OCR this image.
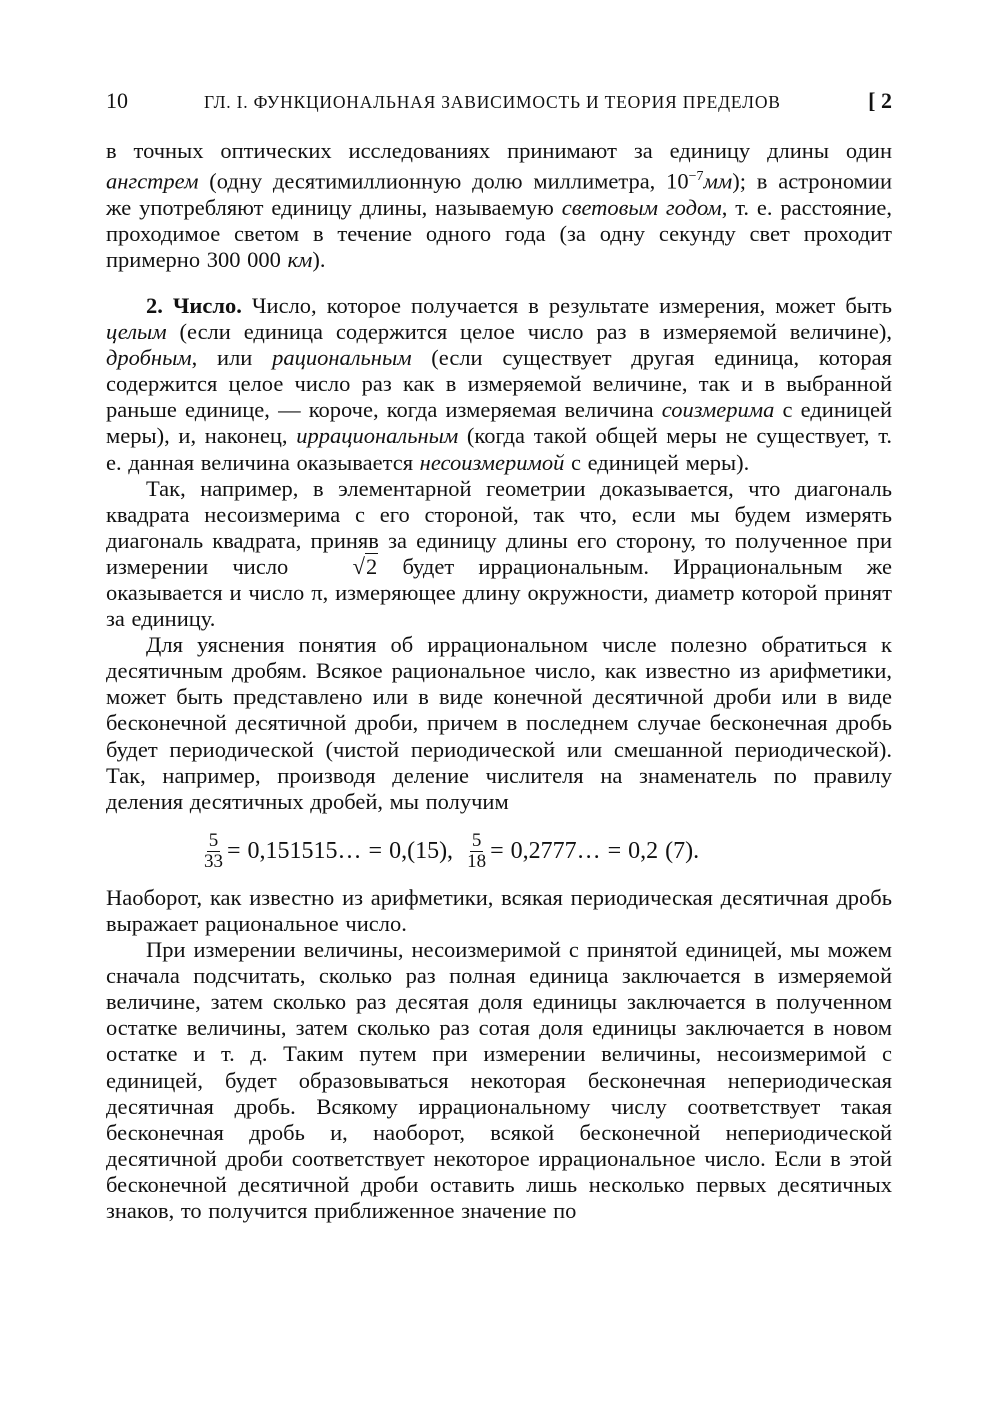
10	ГЛ. I. ФУНКЦИОНАЛЬНАЯ ЗАВИСИМОСТЬ И ТЕОРИЯ ПРЕДЕЛОВ	[ 2

в точных оптических исследованиях принимают за единицу длины один ангстрем (одну десятимиллионную долю миллиметра, $10^{-7}мм$); в астрономии же употребляют единицу длины, называемую световым годом, т. е. расстояние, проходимое светом в течение одного года (за одну секунду свет проходит примерно 300 000 км).

2. Число. Число, которое получается в результате измерения, может быть целым (если единица содержится целое число раз в измеряемой величине), дробным, или рациональным (если существует другая единица, которая содержится целое число раз как в измеряемой величине, так и в выбранной раньше единице, — короче, когда измеряемая величина соизмерима с единицей меры), и, наконец, иррациональным (когда такой общей меры не существует, т. е. данная величина оказывается несоизмеримой с единицей меры).

Так, например, в элементарной геометрии доказывается, что диагональ квадрата несоизмерима с его стороной, так что, если мы будем измерять диагональ квадрата, приняв за единицу длины его сторону, то полученное при измерении число √2 будет иррациональным. Иррациональным же оказывается и число π, измеряющее длину окружности, диаметр которой принят за единицу.

Для уяснения понятия об иррациональном числе полезно обратиться к десятичным дробям. Всякое рациональное число, как известно из арифметики, может быть представлено или в виде конечной десятичной дроби или в виде бесконечной десятичной дроби, причем в последнем случае бесконечная дробь будет периодической (чистой периодической или смешанной периодической). Так, например, производя деление числителя на знаменатель по правилу деления десятичных дробей, мы получим

$\frac{5}{33}$ = 0,151515… = 0,(15), $\frac{5}{18}$ = 0,2777… = 0,2 (7).

Наоборот, как известно из арифметики, всякая периодическая десятичная дробь выражает рациональное число.

При измерении величины, несоизмеримой с принятой единицей, мы можем сначала подсчитать, сколько раз полная единица заключается в измеряемой величине, затем сколько раз десятая доля единицы заключается в полученном остатке величины, затем сколько раз сотая доля единицы заключается в новом остатке и т. д. Таким путем при измерении величины, несоизмеримой с единицей, будет образовываться некоторая бесконечная непериодическая десятичная дробь. Всякому иррациональному числу соответствует такая бесконечная дробь и, наоборот, всякой бесконечной непериодической десятичной дроби соответствует некоторое иррациональное число. Если в этой бесконечной десятичной дроби оставить лишь несколько первых десятичных знаков, то получится приближенное значение по
